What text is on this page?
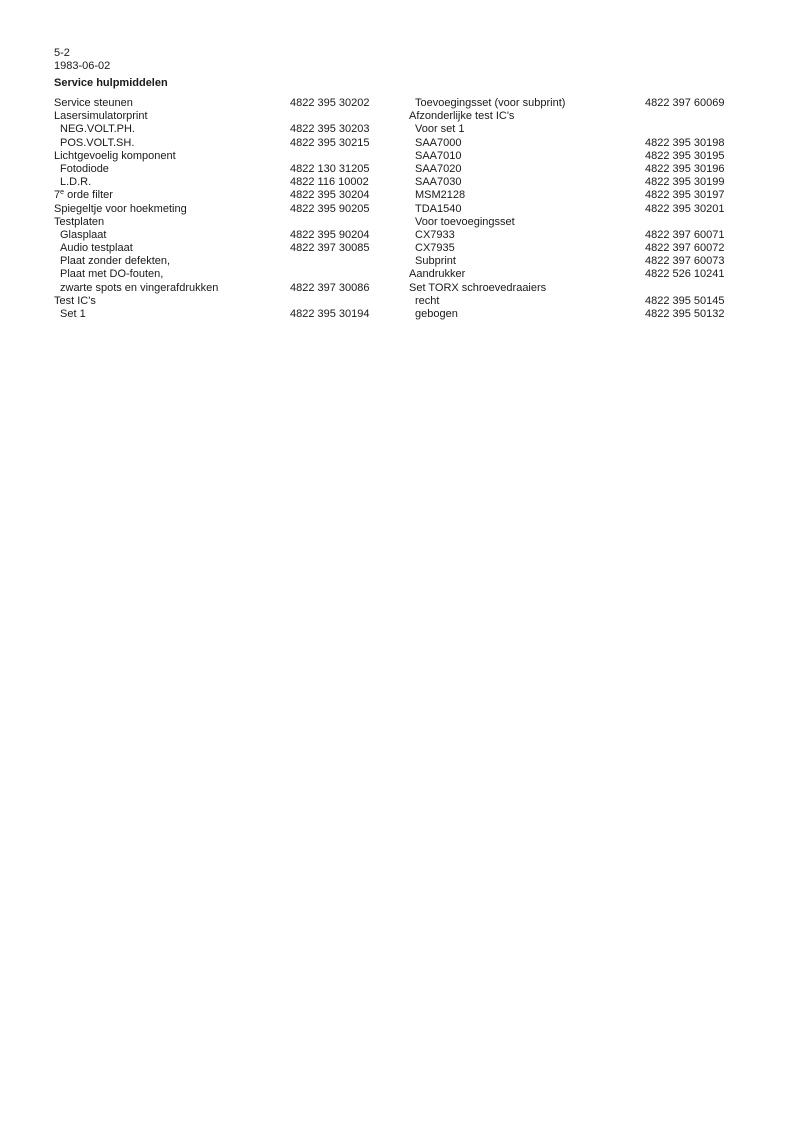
5-2
1983-06-02
Service hulpmiddelen
Service steunen	4822 395 30202
Lasersimulatorprint
NEG.VOLT.PH.	4822 395 30203
POS.VOLT.SH.	4822 395 30215
Lichtgevoelig komponent
Fotodiode	4822 130 31205
L.D.R.	4822 116 10002
7e orde filter	4822 395 30204
Spiegeltje voor hoekmeting	4822 395 90205
Testplaten
Glasplaat	4822 395 90204
Audio testplaat	4822 397 30085
Plaat zonder defekten,
Plaat met DO-fouten,
zwarte spots en vingerafdrukken	4822 397 30086
Test IC's
Set 1	4822 395 30194
Toevoegingsset (voor subprint)	4822 397 60069
Afzonderlijke test IC's
Voor set 1
SAA7000	4822 395 30198
SAA7010	4822 395 30195
SAA7020	4822 395 30196
SAA7030	4822 395 30199
MSM2128	4822 395 30197
TDA1540	4822 395 30201
Voor toevoegingsset
CX7933	4822 397 60071
CX7935	4822 397 60072
Subprint	4822 397 60073
Aandrukker	4822 526 10241
Set TORX schroevedraaiers
recht	4822 395 50145
gebogen	4822 395 50132
